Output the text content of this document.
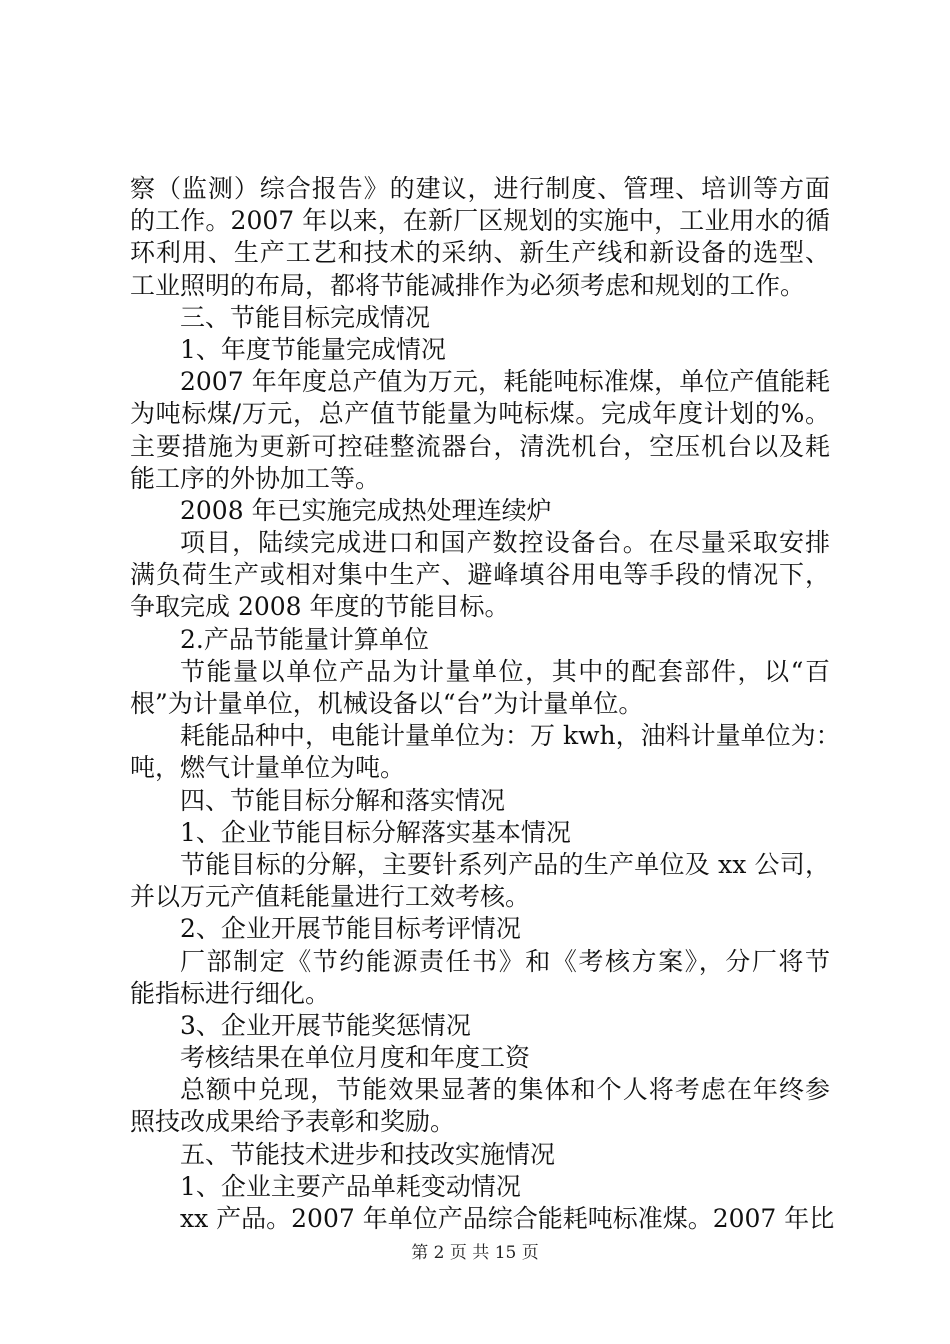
察（监测）综合报告》的建议，进行制度、管理、培训等方面
的工作。2007 年以来，在新厂区规划的实施中，工业用水的循
环利用、生产工艺和技术的采纳、新生产线和新设备的选型、
工业照明的布局，都将节能减排作为必须考虑和规划的工作。
三、节能目标完成情况
1、年度节能量完成情况
2007 年年度总产值为万元，耗能吨标准煤，单位产值能耗
为吨标煤/万元，总产值节能量为吨标煤。完成年度计划的%。
主要措施为更新可控硅整流器台，清洗机台，空压机台以及耗
能工序的外协加工等。
2008 年已实施完成热处理连续炉
项目，陆续完成进口和国产数控设备台。在尽量采取安排
满负荷生产或相对集中生产、避峰填谷用电等手段的情况下，
争取完成 2008 年度的节能目标。
2.产品节能量计算单位
节能量以单位产品为计量单位，其中的配套部件，以“百
根”为计量单位，机械设备以“台”为计量单位。
耗能品种中，电能计量单位为：万 kwh，油料计量单位为：
吨，燃气计量单位为吨。
四、节能目标分解和落实情况
1、企业节能目标分解落实基本情况
节能目标的分解，主要针系列产品的生产单位及 xx 公司，
并以万元产值耗能量进行工效考核。
2、企业开展节能目标考评情况
厂部制定《节约能源责任书》和《考核方案》，分厂将节
能指标进行细化。
3、企业开展节能奖惩情况
考核结果在单位月度和年度工资
总额中兑现，节能效果显著的集体和个人将考虑在年终参
照技改成果给予表彰和奖励。
五、节能技术进步和技改实施情况
1、企业主要产品单耗变动情况
xx 产品。2007 年单位产品综合能耗吨标准煤。2007 年比
第 2 页 共 15 页
